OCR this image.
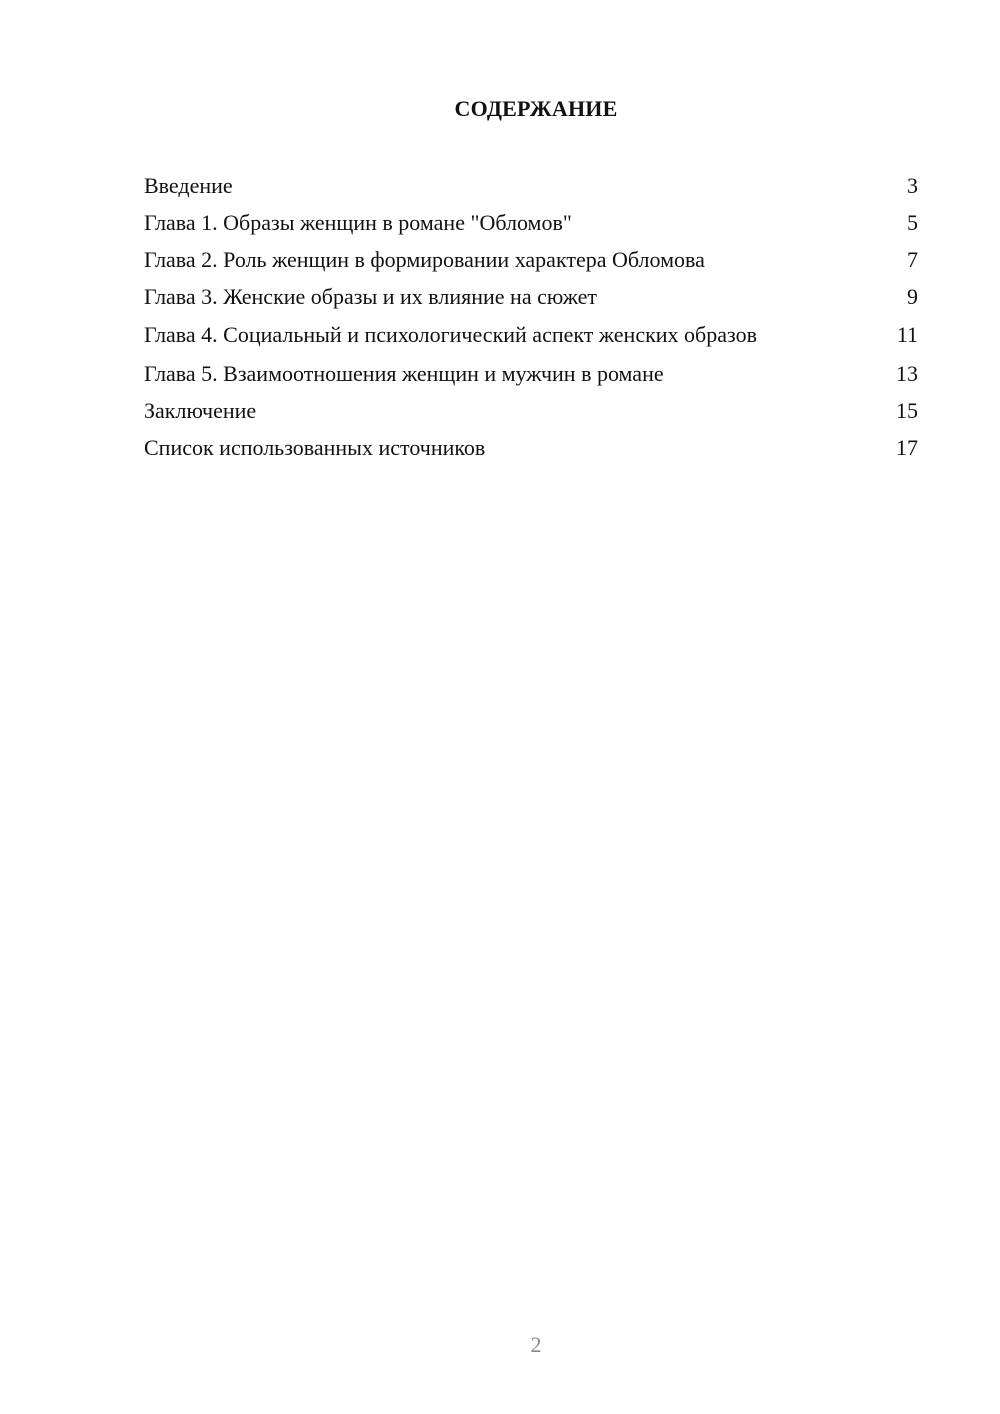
СОДЕРЖАНИЕ
Введение	3
Глава 1. Образы женщин в романе "Обломов"	5
Глава 2. Роль женщин в формировании характера Обломова	7
Глава 3. Женские образы и их влияние на сюжет	9
Глава 4. Социальный и психологический аспект женских образов	11
Глава 5. Взаимоотношения женщин и мужчин в романе	13
Заключение	15
Список использованных источников	17
2
